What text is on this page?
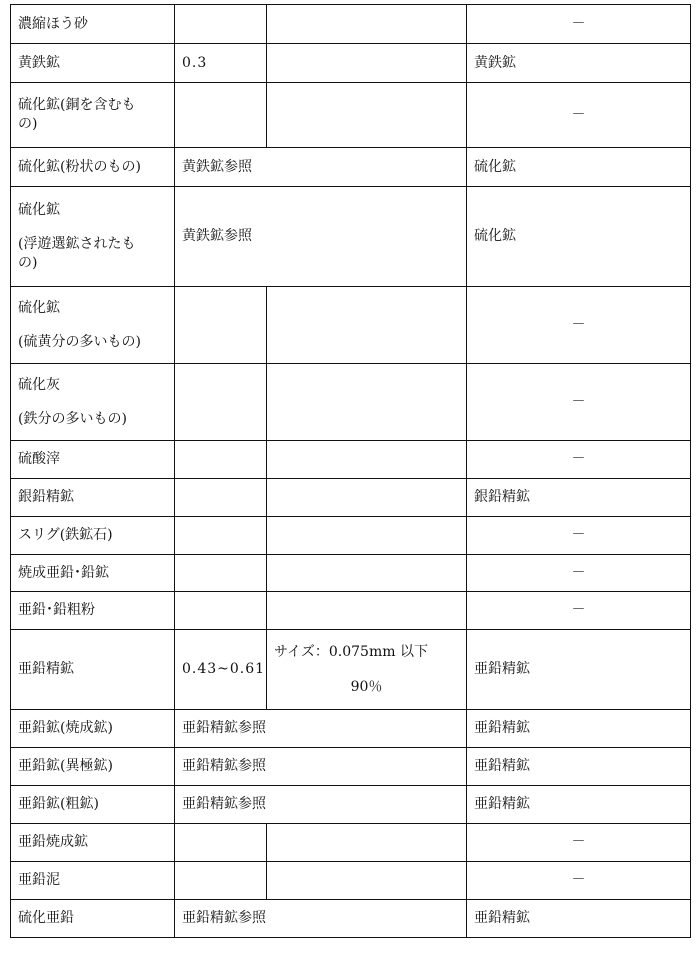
濃縮ほう砂			－

黄鉄鉱	0.3		黄鉄鉱

硫化鉱(銅を含むも
の)			－

硫化鉱(粉状のもの)	黄鉄鉱参照		硫化鉱

硫化鉱
(浮遊選鉱されたも
の)	黄鉄鉱参照		硫化鉱

硫化鉱
(硫黄分の多いもの)			－

硫化灰
(鉄分の多いもの)			－

硫酸滓			－

銀鉛精鉱			銀鉛精鉱

スリグ(鉄鉱石)			－

焼成亜鉛･鉛鉱			－

亜鉛･鉛粗粉			－

亜鉛精鉱	0.43~0.61	サイズ：0.075mm 以下
90％	亜鉛精鉱

亜鉛鉱(焼成鉱)	亜鉛精鉱参照		亜鉛精鉱

亜鉛鉱(異極鉱)	亜鉛精鉱参照		亜鉛精鉱

亜鉛鉱(粗鉱)	亜鉛精鉱参照		亜鉛精鉱

亜鉛焼成鉱			－

亜鉛泥			－

硫化亜鉛	亜鉛精鉱参照		亜鉛精鉱
